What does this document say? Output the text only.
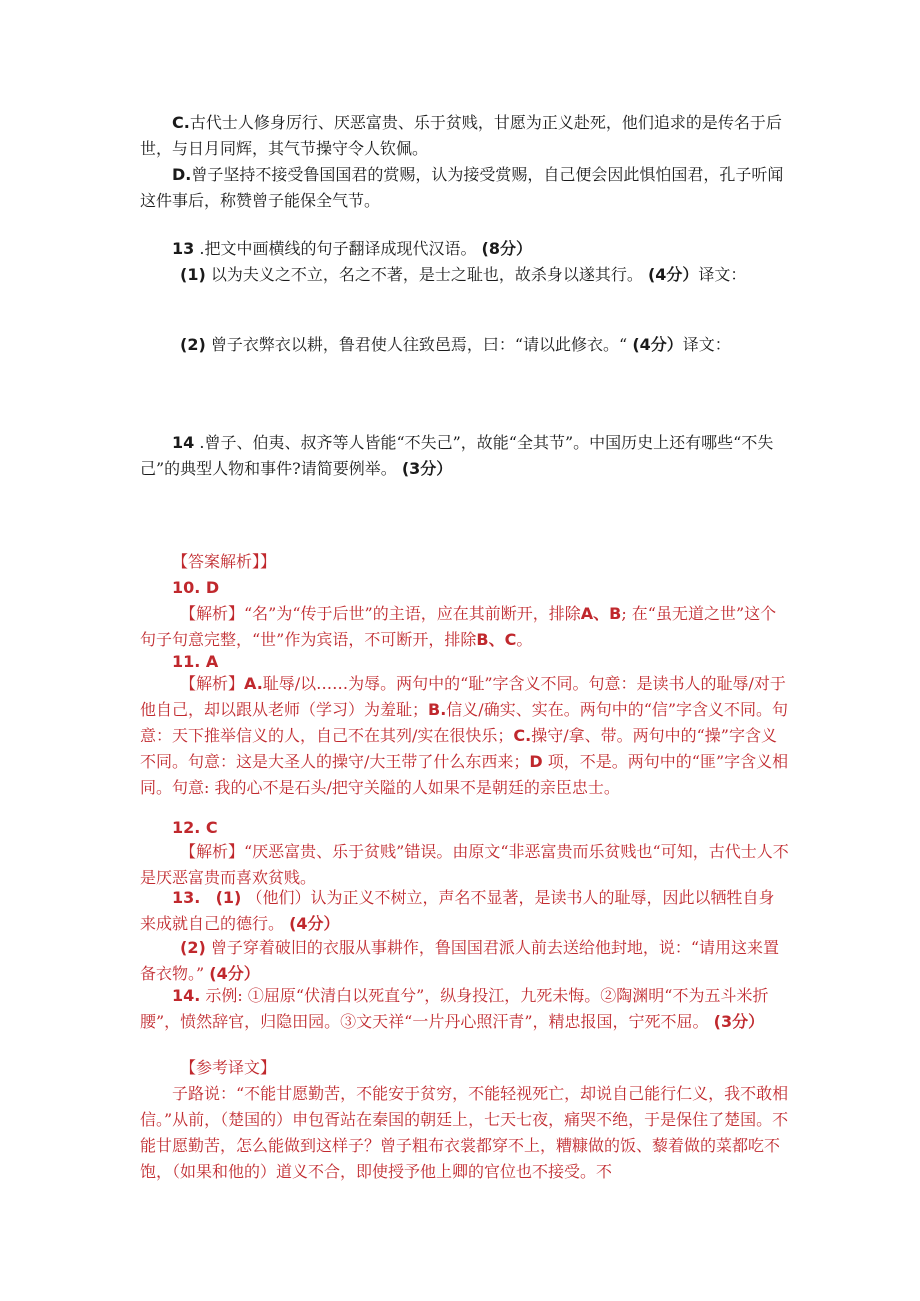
C.古代士人修身厉行、厌恶富贵、乐于贫贱，甘愿为正义赴死，他们追求的是传名于后世，与日月同辉，其气节操守令人钦佩。

D.曾子坚持不接受鲁国国君的赏赐，认为接受赏赐，自己便会因此惧怕国君，孔子听闻这件事后，称赞曾子能保全气节。

13 .把文中画横线的句子翻译成现代汉语。 (8分）

(1) 以为夫义之不立，名之不著，是士之耻也，故杀身以遂其行。 (4分）译文：

(2) 曾子衣弊衣以耕，鲁君使人往致邑焉，曰：“请以此修衣。“ (4分）译文：

14 .曾子、伯夷、叔齐等人皆能“不失己”，故能“全其节”。中国历史上还有哪些“不失己”的典型人物和事件?请简要例举。 (3分）

【答案解析】】

10. D

【解析】“名”为“传于后世”的主语，应在其前断开，排除A、B; 在“虽无道之世”这个句子句意完整，“世”作为宾语，不可断开，排除B、C。

11. A

【解析】A.耻辱/以……为辱。两句中的“耻”字含义不同。句意：是读书人的耻辱/对于他自己，却以跟从老师（学习）为羞耻；B.信义/确实、实在。两句中的“信”字含义不同。句意：天下推举信义的人，自己不在其列/实在很快乐；C.操守/拿、带。两句中的“操”字含义不同。句意：这是大圣人的操守/大王带了什么东西来；D 项，不是。两句中的“匪”字含义相同。句意: 我的心不是石头/把守关隘的人如果不是朝廷的亲臣忠士。

12. C

【解析】“厌恶富贵、乐于贫贱”错误。由原文“非恶富贵而乐贫贱也“可知，古代士人不是厌恶富贵而喜欢贫贱。

13. (1) （他们）认为正义不树立，声名不显著，是读书人的耻辱，因此以牺牲自身来成就自己的德行。 (4分）

(2) 曾子穿着破旧的衣服从事耕作，鲁国国君派人前去送给他封地，说：“请用这来置备衣物。” (4分）

14. 示例: ①屈原“伏清白以死直兮”，纵身投江，九死未悔。②陶渊明“不为五斗米折腰”，愤然辞官，归隐田园。③文天祥“一片丹心照汗青”，精忠报国，宁死不屈。 (3分）

【参考译文】

子路说：“不能甘愿勤苦，不能安于贫穷，不能轻视死亡，却说自己能行仁义，我不敢相信。”从前，（楚国的）申包胥站在秦国的朝廷上，七天七夜，痛哭不绝，于是保住了楚国。不能甘愿勤苦，怎么能做到这样子？曾子粗布衣裳都穿不上，糟糠做的饭、藜着做的菜都吃不饱，（如果和他的）道义不合，即使授予他上卿的官位也不接受。不
